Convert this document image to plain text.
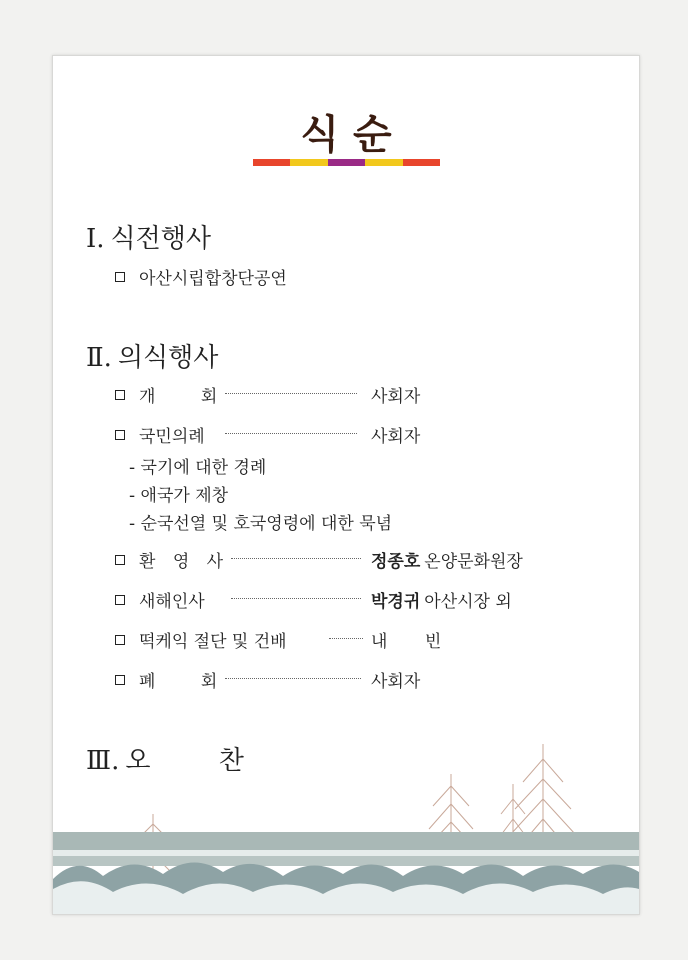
식 순
Ⅰ. 식전행사
아산시립합창단공연
Ⅱ. 의식행사
개 회	사회자
국민의례	사회자
- 국기에 대한 경례
- 애국가 제창
- 순국선열 및 호국영령에 대한 묵념
환 영 사	정종호 온양문화원장
새해인사	박경귀 아산시장 외
떡케익 절단 및 건배	내 빈
폐 회	사회자
Ⅲ. 오 찬
